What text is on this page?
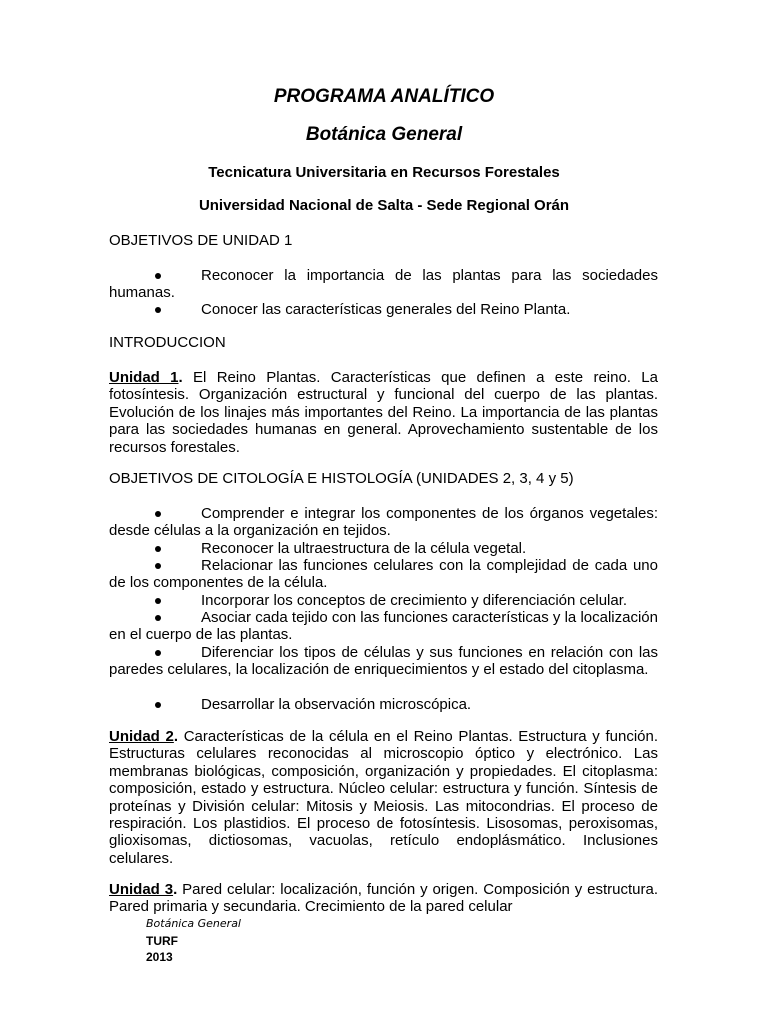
PROGRAMA ANALÍTICO
Botánica General
Tecnicatura Universitaria en Recursos Forestales
Universidad Nacional de Salta - Sede Regional Orán
OBJETIVOS DE UNIDAD 1
Reconocer la importancia de las plantas para las sociedades humanas.
Conocer las características generales del Reino Planta.
INTRODUCCION
Unidad 1. El Reino Plantas. Características que definen a este reino. La fotosíntesis. Organización estructural y funcional del cuerpo de las plantas. Evolución de los linajes más importantes del Reino. La importancia de las plantas para las sociedades humanas en general. Aprovechamiento sustentable de los recursos forestales.
OBJETIVOS DE CITOLOGÍA E HISTOLOGÍA (UNIDADES 2, 3, 4 y 5)
Comprender e integrar los componentes de los órganos vegetales: desde células a la organización en tejidos.
Reconocer la ultraestructura de la célula vegetal.
Relacionar las funciones celulares con la complejidad de cada uno de los componentes de la célula.
Incorporar los conceptos de crecimiento y diferenciación celular.
Asociar cada tejido con las funciones características y la localización en el cuerpo de las plantas.
Diferenciar los tipos de células y sus funciones en relación con las paredes celulares, la localización de enriquecimientos y el estado del citoplasma.
Desarrollar la observación microscópica.
Unidad 2. Características de la célula en el Reino Plantas. Estructura y función. Estructuras celulares reconocidas al microscopio óptico y electrónico. Las membranas biológicas, composición, organización y propiedades. El citoplasma: composición, estado y estructura. Núcleo celular: estructura y función. Síntesis de proteínas y División celular: Mitosis y Meiosis. Las mitocondrias. El proceso de respiración. Los plastidios. El proceso de fotosíntesis. Lisosomas, peroxisomas, glioxisomas, dictiosomas, vacuolas, retículo endoplásmático. Inclusiones celulares.
Unidad 3. Pared celular: localización, función y origen. Composición y estructura. Pared primaria y secundaria. Crecimiento de la pared celular
Botánica General
TURF
2013
